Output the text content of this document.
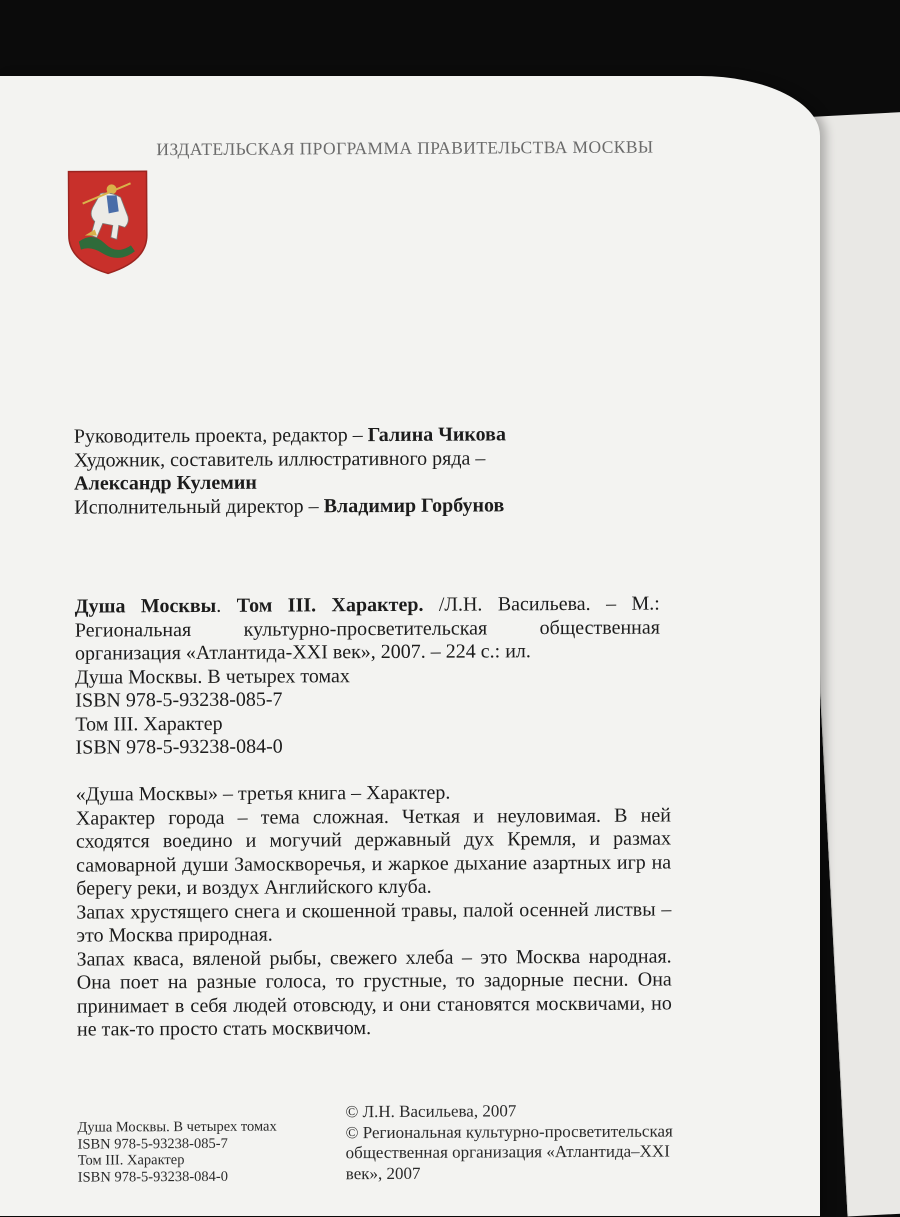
ИЗДАТЕЛЬСКАЯ ПРОГРАММА ПРАВИТЕЛЬСТВА МОСКВЫ
Руководитель проекта, редактор – Галина Чикова
Художник, составитель иллюстративного ряда –
Александр Кулемин
Исполнительный директор – Владимир Горбунов
Душа Москвы. Том III. Характер. /Л.Н. Васильева. – М.: Региональная культурно-просветительская общественная организация «Атлантида-XXI век», 2007. – 224 с.: ил.
Душа Москвы. В четырех томах
ISBN 978-5-93238-085-7
Том III. Характер
ISBN 978-5-93238-084-0
«Душа Москвы» – третья книга – Характер.
Характер города – тема сложная. Четкая и неуловимая. В ней сходятся воедино и могучий державный дух Кремля, и размах самоварной души Замоскворечья, и жаркое дыхание азартных игр на берегу реки, и воздух Английского клуба.
Запах хрустящего снега и скошенной травы, палой осенней листвы – это Москва природная.
Запах кваса, вяленой рыбы, свежего хлеба – это Москва народная. Она поет на разные голоса, то грустные, то задорные песни. Она принимает в себя людей отовсюду, и они становятся москвичами, но не так-то просто стать москвичом.
Душа Москвы. В четырех томах
ISBN 978-5-93238-085-7
Том III. Характер
ISBN 978-5-93238-084-0
© Л.Н. Васильева, 2007
© Региональная культурно-просветительская общественная организация «Атлантида–XXI век», 2007
